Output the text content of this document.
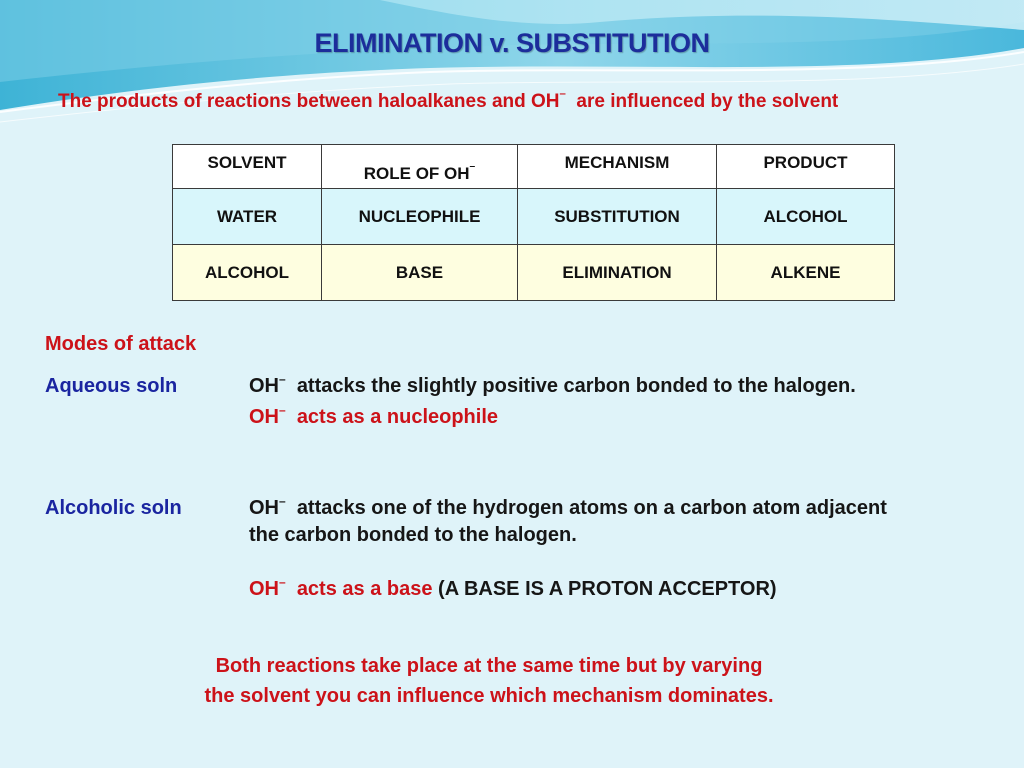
ELIMINATION v. SUBSTITUTION
The products of reactions between haloalkanes and OH– are influenced by the solvent
SOLVENT	ROLE OF OH–	MECHANISM	PRODUCT
WATER	NUCLEOPHILE	SUBSTITUTION	ALCOHOL
ALCOHOL	BASE	ELIMINATION	ALKENE
Modes of attack
Aqueous soln	OH– attacks the slightly positive carbon bonded to the halogen.
OH– acts as a nucleophile
Alcoholic soln	OH– attacks one of the hydrogen atoms on a carbon atom adjacent
the carbon bonded to the halogen.
OH– acts as a base (A BASE IS A PROTON ACCEPTOR)
Both reactions take place at the same time but by varying
the solvent you can influence which mechanism dominates.
